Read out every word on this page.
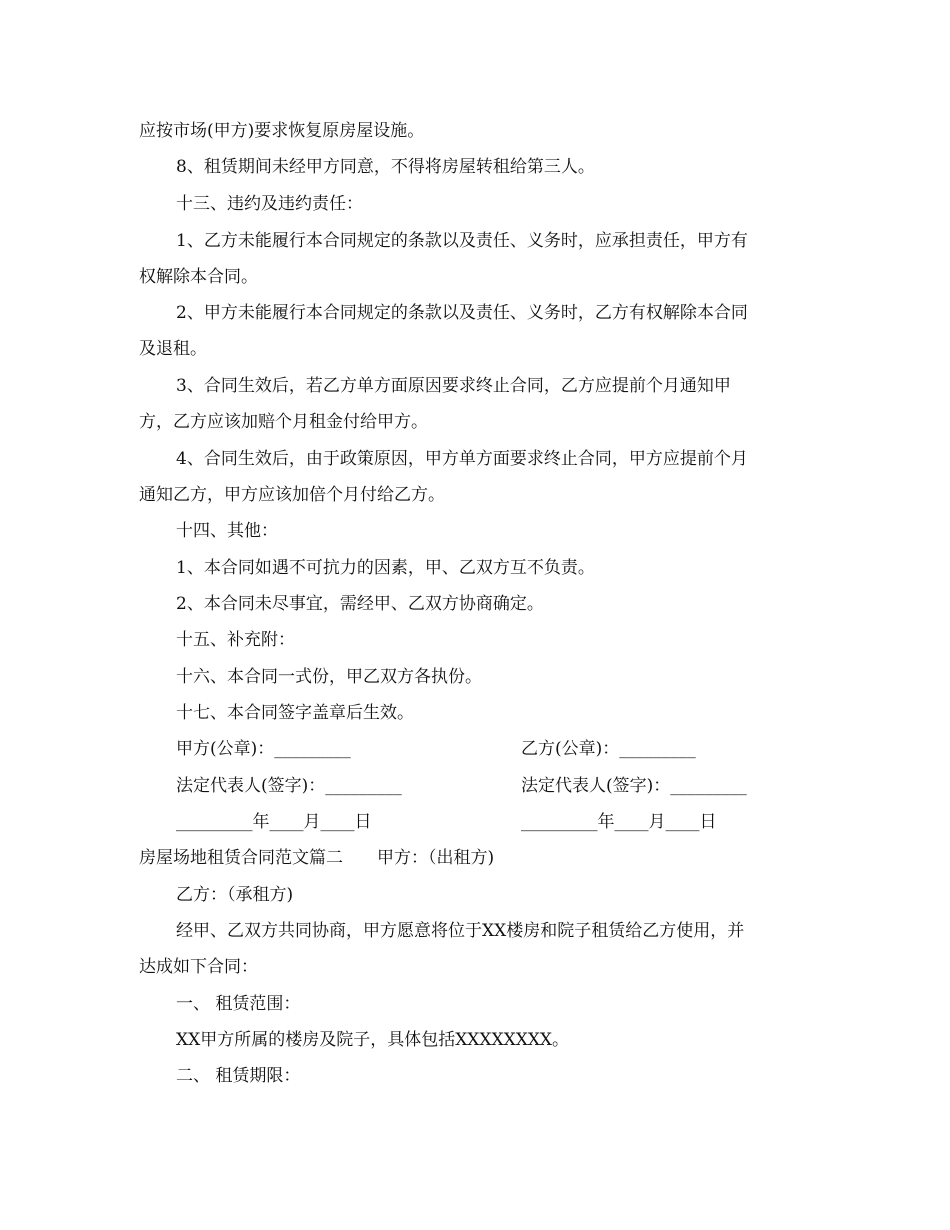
应按市场(甲方)要求恢复原房屋设施。
8、租赁期间未经甲方同意，不得将房屋转租给第三人。
十三、违约及违约责任：
1、乙方未能履行本合同规定的条款以及责任、义务时，应承担责任，甲方有
权解除本合同。
2、甲方未能履行本合同规定的条款以及责任、义务时，乙方有权解除本合同
及退租。
3、合同生效后，若乙方单方面原因要求终止合同，乙方应提前个月通知甲
方，乙方应该加赔个月租金付给甲方。
4、合同生效后，由于政策原因，甲方单方面要求终止合同，甲方应提前个月
通知乙方，甲方应该加倍个月付给乙方。
十四、其他：
1、本合同如遇不可抗力的因素，甲、乙双方互不负责。
2、本合同未尽事宜，需经甲、乙双方协商确定。
十五、补充附：
十六、本合同一式份，甲乙双方各执份。
十七、本合同签字盖章后生效。
甲方(公章)：_________	乙方(公章)：_________
法定代表人(签字)：_________	法定代表人(签字)：_________
_________年____月____日	_________年____月____日
房屋场地租赁合同范文篇二　　甲方：（出租方)
乙方：（承租方)
经甲、乙双方共同协商，甲方愿意将位于XX楼房和院子租赁给乙方使用，并
达成如下合同：
一、 租赁范围：
XX甲方所属的楼房及院子，具体包括XXXXXXXX。
二、 租赁期限：
